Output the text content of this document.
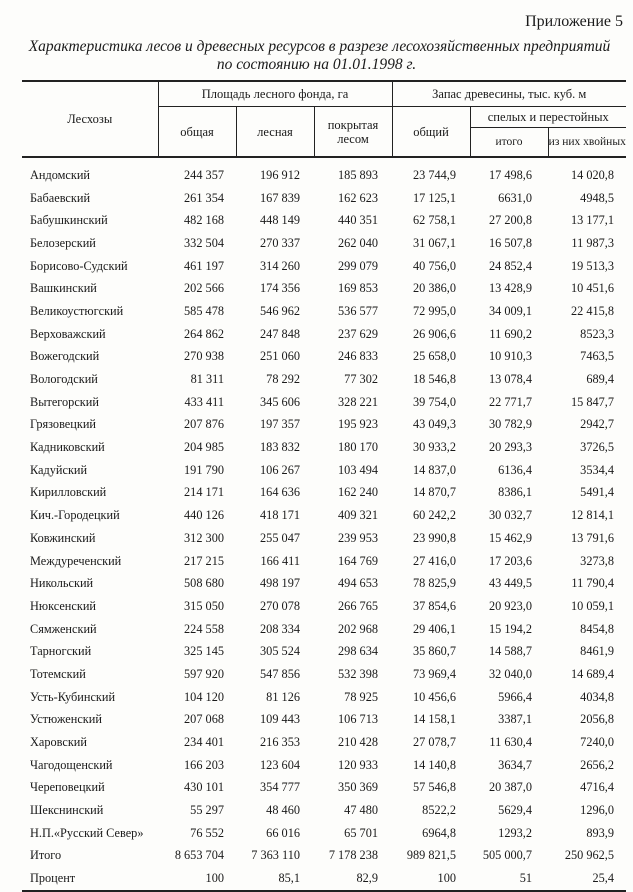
Приложение 5
Характеристика лесов и древесных ресурсов в разрезе лесохозяйственных предприятий
по состоянию на 01.01.1998 г.
Лесхозы	Площадь лесного фонда, га			Запас древесины, тыс. куб. м		
	общая	лесная	покрытая лесом	общий	спелых и перестойных	
					итого	из них хвойных
Андомский	244 357	196 912	185 893	23 744,9	17 498,6	14 020,8
Бабаевский	261 354	167 839	162 623	17 125,1	6631,0	4948,5
Бабушкинский	482 168	448 149	440 351	62 758,1	27 200,8	13 177,1
Белозерский	332 504	270 337	262 040	31 067,1	16 507,8	11 987,3
Борисово-Судский	461 197	314 260	299 079	40 756,0	24 852,4	19 513,3
Вашкинский	202 566	174 356	169 853	20 386,0	13 428,9	10 451,6
Великоустюгский	585 478	546 962	536 577	72 995,0	34 009,1	22 415,8
Верховажский	264 862	247 848	237 629	26 906,6	11 690,2	8523,3
Вожегодский	270 938	251 060	246 833	25 658,0	10 910,3	7463,5
Вологодский	81 311	78 292	77 302	18 546,8	13 078,4	689,4
Вытегорский	433 411	345 606	328 221	39 754,0	22 771,7	15 847,7
Грязовецкий	207 876	197 357	195 923	43 049,3	30 782,9	2942,7
Кадниковский	204 985	183 832	180 170	30 933,2	20 293,3	3726,5
Кадуйский	191 790	106 267	103 494	14 837,0	6136,4	3534,4
Кирилловский	214 171	164 636	162 240	14 870,7	8386,1	5491,4
Кич.-Городецкий	440 126	418 171	409 321	60 242,2	30 032,7	12 814,1
Ковжинский	312 300	255 047	239 953	23 990,8	15 462,9	13 791,6
Междуреченский	217 215	166 411	164 769	27 416,0	17 203,6	3273,8
Никольский	508 680	498 197	494 653	78 825,9	43 449,5	11 790,4
Нюксенский	315 050	270 078	266 765	37 854,6	20 923,0	10 059,1
Сямженский	224 558	208 334	202 968	29 406,1	15 194,2	8454,8
Тарногский	325 145	305 524	298 634	35 860,7	14 588,7	8461,9
Тотемский	597 920	547 856	532 398	73 969,4	32 040,0	14 689,4
Усть-Кубинский	104 120	81 126	78 925	10 456,6	5966,4	4034,8
Устюженский	207 068	109 443	106 713	14 158,1	3387,1	2056,8
Харовский	234 401	216 353	210 428	27 078,7	11 630,4	7240,0
Чагодощенский	166 203	123 604	120 933	14 140,8	3634,7	2656,2
Череповецкий	430 101	354 777	350 369	57 546,8	20 387,0	4716,4
Шекснинский	55 297	48 460	47 480	8522,2	5629,4	1296,0
Н.П.«Русский Север»	76 552	66 016	65 701	6964,8	1293,2	893,9
Итого	8 653 704	7 363 110	7 178 238	989 821,5	505 000,7	250 962,5
Процент	100	85,1	82,9	100	51	25,4
